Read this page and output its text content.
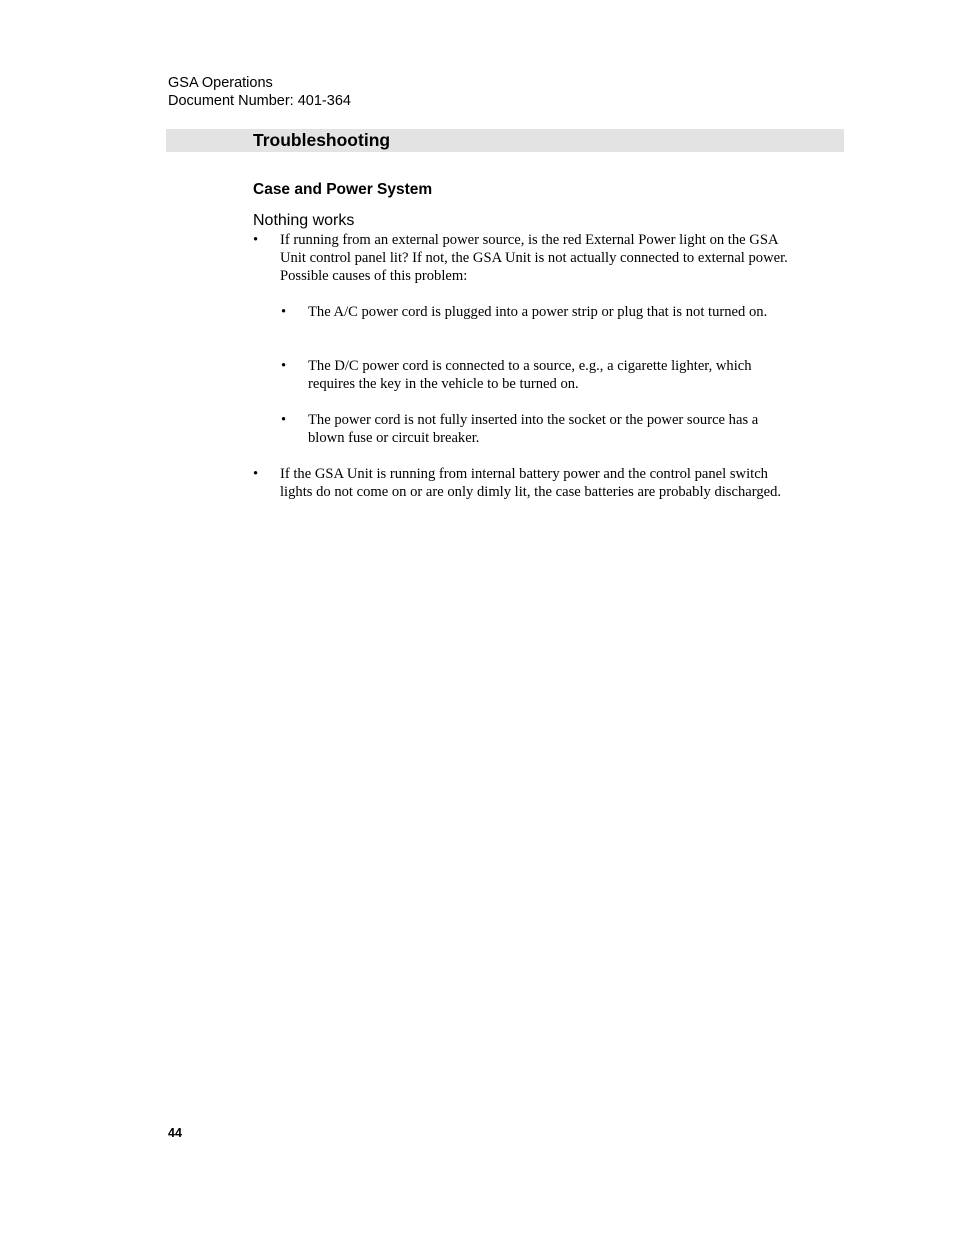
GSA Operations
Document Number: 401-364
Troubleshooting
Case and Power System
Nothing works
•	If running from an external power source, is the red External Power light on the GSA Unit control panel lit? If not, the GSA Unit is not actually connected to external power. Possible causes of this problem:
•	The A/C power cord is plugged into a power strip or plug that is not turned on.
•	The D/C power cord is connected to a source, e.g., a cigarette lighter, which requires the key in the vehicle to be turned on.
•	The power cord is not fully inserted into the socket or the power source has a blown fuse or circuit breaker.
•	If the GSA Unit is running from internal battery power and the control panel switch lights do not come on or are only dimly lit, the case batteries are probably discharged.
44
